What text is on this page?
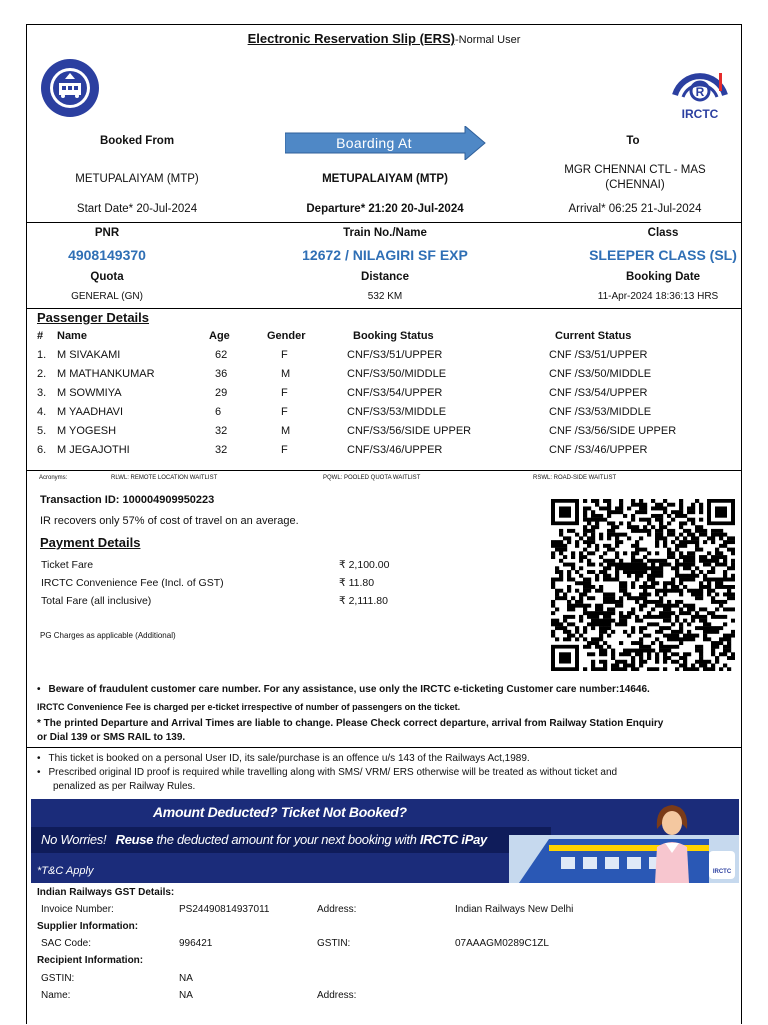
Electronic Reservation Slip (ERS)-Normal User
R
IRCTC
Booked From	Boarding At	To
METUPALAIYAM (MTP)	METUPALAIYAM (MTP)
MGR CHENNAI CTL - MAS
(CHENNAI)
Start Date* 20-Jul-2024	Departure* 21:20 20-Jul-2024	Arrival* 06:25 21-Jul-2024
PNR	Train No./Name	Class
4908149370	12672 / NILAGIRI SF EXP	SLEEPER CLASS (SL)
Quota	Distance	Booking Date
GENERAL (GN)	532 KM	11-Apr-2024 18:36:13 HRS
Passenger Details
# Name	Age	Gender	Booking Status	Current Status
1. M SIVAKAMI	62	F	CNF/S3/51/UPPER	CNF /S3/51/UPPER
2. M MATHANKUMAR	36	M	CNF/S3/50/MIDDLE	CNF /S3/50/MIDDLE
3. M SOWMIYA	29	F	CNF/S3/54/UPPER	CNF /S3/54/UPPER
4. M YAADHAVI	6	F	CNF/S3/53/MIDDLE	CNF /S3/53/MIDDLE
5. M YOGESH	32	M	CNF/S3/56/SIDE UPPER	CNF /S3/56/SIDE UPPER
6. M JEGAJOTHI	32	F	CNF/S3/46/UPPER	CNF /S3/46/UPPER
Acronyms:	RLWL: REMOTE LOCATION WAITLIST	PQWL: POOLED QUOTA WAITLIST	RSWL: ROAD-SIDE WAITLIST
Transaction ID: 100004909950223
IR recovers only 57% of cost of travel on an average.
Payment Details
Ticket Fare	₹ 2,100.00
IRCTC Convenience Fee (Incl. of GST)	₹ 11.80
Total Fare (all inclusive)	₹ 2,111.80
PG Charges as applicable (Additional)
• Beware of fraudulent customer care number. For any assistance, use only the IRCTC e-ticketing Customer care number:14646.
IRCTC Convenience Fee is charged per e-ticket irrespective of number of passengers on the ticket.
* The printed Departure and Arrival Times are liable to change. Please Check correct departure, arrival from Railway Station Enquiry
or Dial 139 or SMS RAIL to 139.
• This ticket is booked on a personal User ID, its sale/purchase is an offence u/s 143 of the Railways Act,1989.
• Prescribed original ID proof is required while travelling along with SMS/ VRM/ ERS otherwise will be treated as without ticket and
penalized as per Railway Rules.
Amount Deducted? Ticket Not Booked?
No Worries! Reuse the deducted amount for your next booking with IRCTC iPay
*T&C Apply	IRCTC
Indian Railways GST Details:
Invoice Number:	PS24490814937011	Address:	Indian Railways New Delhi
Supplier Information:
SAC Code:	996421	GSTIN:	07AAAGM0289C1ZL
Recipient Information:
GSTIN:	NA
Name:	NA	Address:
